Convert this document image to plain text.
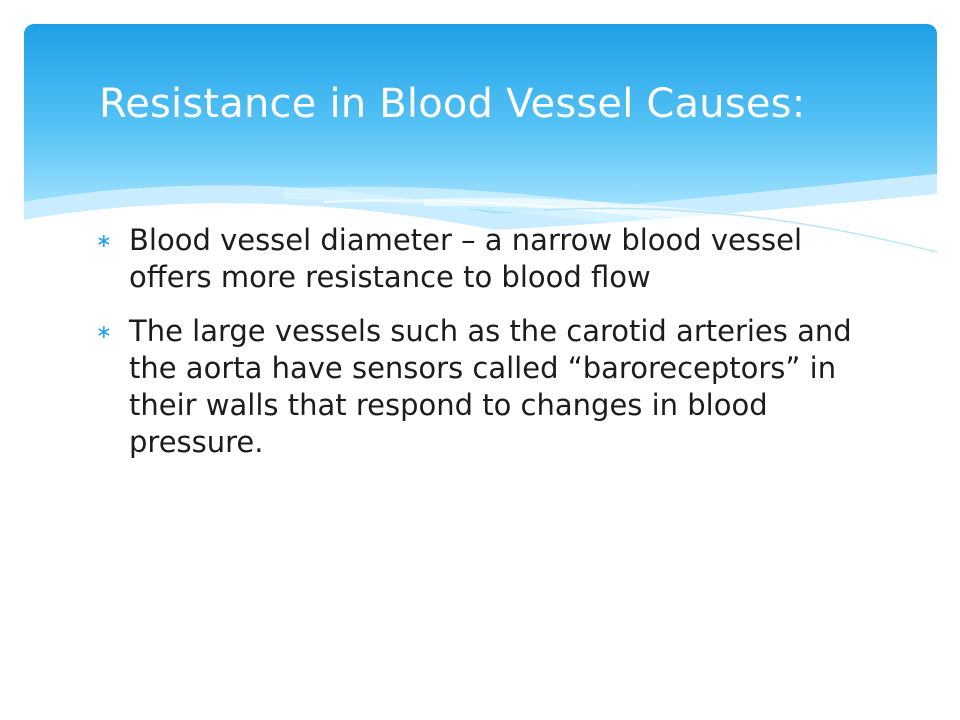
Resistance in Blood Vessel Causes:
∗ Blood vessel diameter – a narrow blood vessel offers more resistance to blood flow
∗ The large vessels such as the carotid arteries and the aorta have sensors called “baroreceptors” in their walls that respond to changes in blood pressure.
